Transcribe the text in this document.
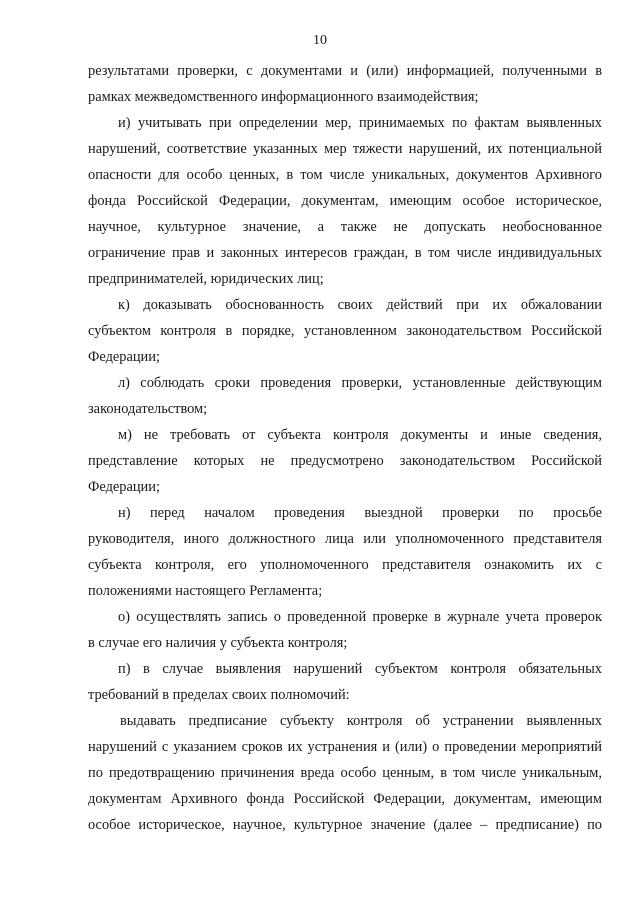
10
результатами проверки, с документами и (или) информацией, полученными в
рамках межведомственного информационного взаимодействия;
и) учитывать при определении мер, принимаемых по фактам выявленных
нарушений, соответствие указанных мер тяжести нарушений, их потенциальной
опасности для особо ценных, в том числе уникальных, документов Архивного
фонда Российской Федерации, документам, имеющим особое историческое,
научное, культурное значение, а также не допускать необоснованное
ограничение прав и законных интересов граждан, в том числе индивидуальных
предпринимателей, юридических лиц;
к) доказывать обоснованность своих действий при их обжаловании
субъектом контроля в порядке, установленном законодательством Российской
Федерации;
л) соблюдать сроки проведения проверки, установленные действующим
законодательством;
м) не требовать от субъекта контроля документы и иные сведения,
представление которых не предусмотрено законодательством Российской
Федерации;
н) перед началом проведения выездной проверки по просьбе
руководителя, иного должностного лица или уполномоченного представителя
субъекта контроля, его уполномоченного представителя ознакомить их с
положениями настоящего Регламента;
о) осуществлять запись о проведенной проверке в журнале учета проверок
в случае его наличия у субъекта контроля;
п) в случае выявления нарушений субъектом контроля обязательных
требований в пределах своих полномочий:
выдавать предписание субъекту контроля об устранении выявленных
нарушений с указанием сроков их устранения и (или) о проведении мероприятий
по предотвращению причинения вреда особо ценным, в том числе уникальным,
документам Архивного фонда Российской Федерации, документам, имеющим
особое историческое, научное, культурное значение (далее – предписание) по
